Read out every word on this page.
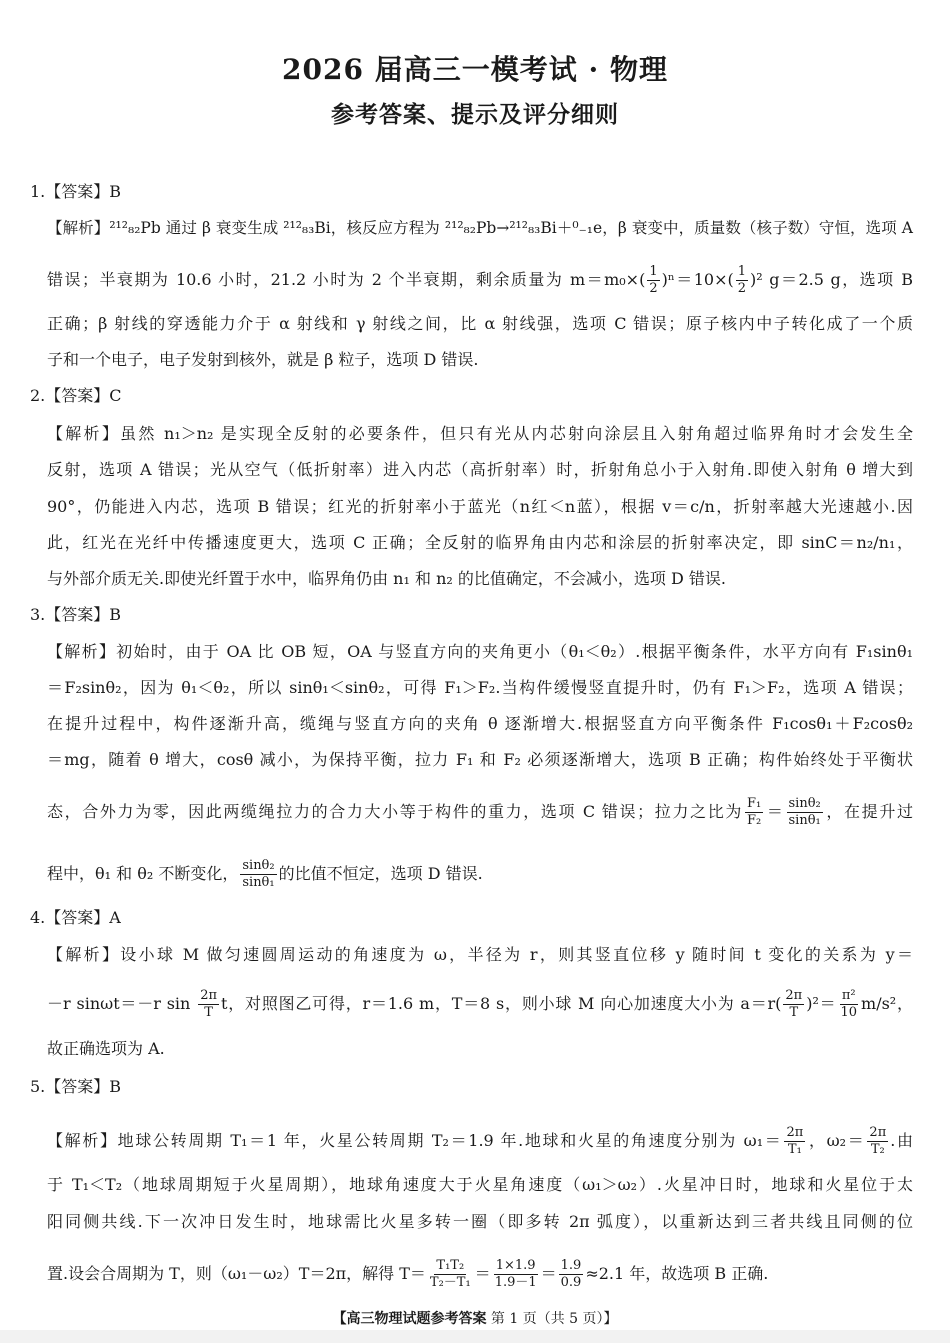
2026 届高三一模考试 · 物理
参考答案、提示及评分细则
1.【答案】B
【解析】²¹²₈₂Pb 通过 β 衰变生成 ²¹²₈₃Bi，核反应方程为 ²¹²₈₂Pb→²¹²₈₃Bi＋⁰₋₁e，β 衰变中，质量数（核子数）守恒，选项 A
错误；半衰期为 10.6 小时，21.2 小时为 2 个半衰期，剩余质量为 $m=m_0\times( \frac{1}{2} )^n=10\times( \frac{1}{2} )^2$ g＝2.5 g，选项 B
正确；β 射线的穿透能力介于 α 射线和 γ 射线之间，比 α 射线强，选项 C 错误；原子核内中子转化成了一个质
子和一个电子，电子发射到核外，就是 β 粒子，选项 D 错误.
2.【答案】C
【解析】虽然 n₁＞n₂ 是实现全反射的必要条件，但只有光从内芯射向涂层且入射角超过临界角时才会发生全
反射，选项 A 错误；光从空气（低折射率）进入内芯（高折射率）时，折射角总小于入射角.即使入射角 θ 增大到
90°，仍能进入内芯，选项 B 错误；红光的折射率小于蓝光（n红＜n蓝），根据 v＝c/n，折射率越大光速越小.因
此，红光在光纤中传播速度更大，选项 C 正确；全反射的临界角由内芯和涂层的折射率决定，即 sinC＝n₂/n₁，
与外部介质无关.即使光纤置于水中，临界角仍由 n₁ 和 n₂ 的比值确定，不会减小，选项 D 错误.
3.【答案】B
【解析】初始时，由于 OA 比 OB 短，OA 与竖直方向的夹角更小（θ₁＜θ₂）.根据平衡条件，水平方向有 F₁sinθ₁
＝F₂sinθ₂，因为 θ₁＜θ₂，所以 sinθ₁＜sinθ₂，可得 F₁＞F₂.当构件缓慢竖直提升时，仍有 F₁＞F₂，选项 A 错误；
在提升过程中，构件逐渐升高，缆绳与竖直方向的夹角 θ 逐渐增大.根据竖直方向平衡条件 F₁cosθ₁＋F₂cosθ₂
＝mg，随着 θ 增大，cosθ 减小，为保持平衡，拉力 F₁ 和 F₂ 必须逐渐增大，选项 B 正确；构件始终处于平衡状
态，合外力为零，因此两缆绳拉力的合力大小等于构件的重力，选项 C 错误；拉力之比为 $\frac{\text{F₁}}{\text{F₂}} = \frac{\text{sinθ₂}}{\text{sinθ₁}}$ ，在提升过
程中，θ₁ 和 θ₂ 不断变化， $\frac{\text{sinθ₂}}{\text{sinθ₁}}$ 的比值不恒定，选项 D 错误.
4.【答案】A
【解析】设小球 M 做匀速圆周运动的角速度为 ω，半径为 r，则其竖直位移 y 随时间 t 变化的关系为 y＝
－r sinωt＝－r $\sin \frac{2\pi}{T}$ t，对照图乙可得，r＝1.6 m，T＝8 s，则小球 M 向心加速度大小为 $a=r( \frac{2\pi}{T} )^2= \frac{\text{π²}}{10} m/s^2$，
故正确选项为 A.
5.【答案】B
【解析】地球公转周期 T₁＝1 年，火星公转周期 T₂＝1.9 年.地球和火星的角速度分别为 $\omega_1= \frac{2\pi}{\text{T₁}}$ ，$\omega_2= \frac{2\pi}{\text{T₂}}$ .由
于 T₁＜T₂（地球周期短于火星周期），地球角速度大于火星角速度（ω₁＞ω₂）.火星冲日时，地球和火星位于太
阳同侧共线.下一次冲日发生时，地球需比火星多转一圈（即多转 2π 弧度），以重新达到三者共线且同侧的位
置.设会合周期为 T，则（ω₁－ω₂）T＝2π，解得 $T= \frac{\text{T₁T₂}}{\text{T₂－T₁}} = \frac{1\times 1.9}{1.9-1} = \frac{1.9}{0.9} \approx 2.1$ 年，故选项 B 正确.
【高三物理试题参考答案 第 1 页（共 5 页）】
